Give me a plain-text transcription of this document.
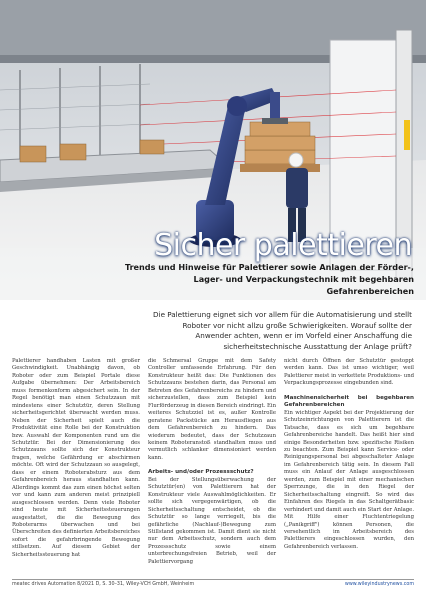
Sicher palettieren
Trends und Hinweise für Palettierer sowie Anlagen der Förder-, Lager- und Verpackungstechnik mit begehbaren Gefahrenbereichen
Die Palettierung eignet sich vor allem für die Automatisierung und stellt Roboter vor nicht allzu große Schwierigkeiten. Worauf sollte der Anwender achten, wenn er im Vorfeld einer Anschaffung die sicherheitstechnische Ausstattung der Anlage prüft?

Palettierer handhaben Lasten mit großer Geschwindigkeit. Unabhängig davon, ob Roboter oder zum Beispiel Portale diese Aufgabe übernehmen: Der Arbeitsbereich muss formenkonform abgesichert sein. In der Regel benötigt man einen Schutzzaun mit mindestens einer Schutztür, deren Stellung sicherheitsgerichtet überwacht werden muss. Neben der Sicherheit spielt auch die Produktivität eine Rolle bei der Konstruktion bzw. Auswahl der Komponenten rund um die Schutztür. Bei der Dimensionierung des Schutzzauns sollte sich der Konstrukteur fragen, welche Gefährdung er abschirmen möchte. Oft wird der Schutzzaun so ausgelegt, dass er einem Roboterabsturz aus dem Gefahrenbereich heraus standhalten kann. Allerdings kommt das zum einen höchst selten vor und kann zum anderen meist prinzipiell ausgeschlossen werden. Denn viele Roboter sind heute mit Sicherheitssteuerungen ausgestattet, die die Bewegung des Roboterarms überwachen und bei Überschreiten des definierten Arbeitsbereiches sofort die gefahrbringende Bewegung stillsetzen. Auf diesem Gebiet der Sicherheitssteuerung hat

die Schmersal Gruppe mit dem Safety Controller umfassende Erfahrung. Für den Konstrukteur heißt das: Die Funktionen des Schutzzauns bestehen darin, das Personal am Betreten des Gefahrenbereichs zu hindern und sicherzustellen, dass zum Beispiel kein Flurförderzeug in diesen Bereich eindringt. Ein weiteres Schutzziel ist es, außer Kontrolle geratene Packstücke am Herausfliegen aus dem Gefahrenbereich zu hindern. Das wiederum bedeutet, dass der Schutzzaun keinem Roboteranstoß standhalten muss und vermutlich schlanker dimensioniert werden kann.

Arbeits- und/oder Prozessschutz?

Bei der Stellungsüberwachung der Schutztür(en) von Palettierern hat der Konstrukteur viele Auswahlmöglichkeiten. Er sollte sich vergegenwärtigen, ob die Sicherheitsschaltung entscheidet, ob die Schutztür so lange verriegelt, bis die gefährliche (Nachlauf-)Bewegung zum Stillstand gekommen ist. Damit dient sie nicht nur dem Arbeitsschutz, sondern auch dem Prozessschutz sowie einem unterbrechungsfreien Betrieb, weil der Palettiervorgang

nicht durch Öffnen der Schutztür gestoppt werden kann. Das ist umso wichtiger, weil Palettierer meist in verkettete Produktions- und Verpackungsprozesse eingebunden sind.

Maschinensicherheit bei begehbaren Gefahrenbereichen

Ein wichtiger Aspekt bei der Projektierung der Schutzeinrichtungen von Palettierern ist die Tatsache, dass es sich um begehbare Gefahrenbereiche handelt. Das heißt hier sind einige Besonderheiten bzw. spezifische Risiken zu beachten. Zum Beispiel kann Service- oder Reinigungspersonal bei abgeschalteter Anlage im Gefahrenbereich tätig sein. In diesem Fall muss ein Anlauf der Anlage ausgeschlossen werden, zum Beispiel mit einer mechanischen Sperrzunge, die in den Riegel der Sicherheitsschaltung eingreift. So wird das Einfahren des Riegels in das Schaltgerätbasic verhindert und damit auch ein Start der Anlage. Mit Hilfe einer Fluchtentriegelung („Panikgriff") können Personen, die versehentlich im Arbeitsbereich des Palettierers eingeschlossen wurden, den Gefahrenbereich verlassen.

meatec drives Automation 8/2021 D, S. 30–31, Wiley-VCH GmbH, Weinheim	www.wileyindustrynews.com
